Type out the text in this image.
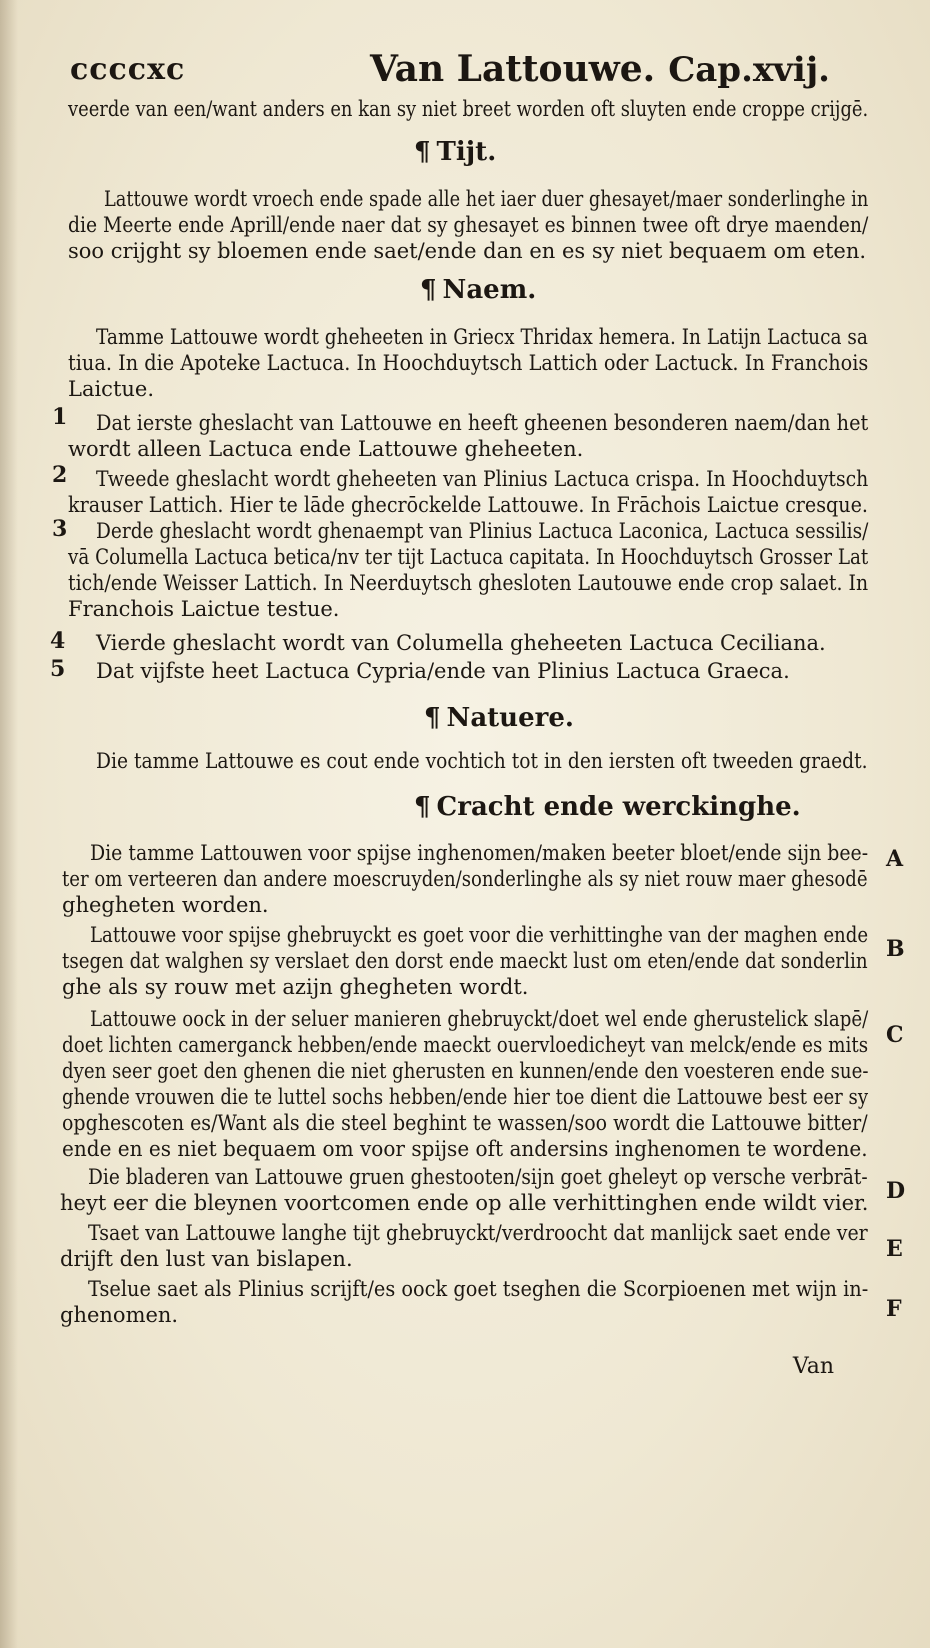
ccccxc	Van Lattouwe. Cap.xvij.
veerde van een/want anders en kan sy niet breet worden oft sluyten ende croppe crijgē.
¶ Tijt.
Lattouwe wordt vroech ende spade alle het iaer duer ghesayet/maer sonderlinghe in
die Meerte ende Aprill/ende naer dat sy ghesayet es binnen twee oft drye maenden/
soo crijght sy bloemen ende saet/ende dan en es sy niet bequaem om eten.
¶ Naem.
Tamme Lattouwe wordt gheheeten in Griecx Thridax hemera. In Latijn Lactuca sa
tiua. In die Apoteke Lactuca. In Hoochduytsch Lattich oder Lactuck. In Franchois
Laictue.
1 Dat ierste gheslacht van Lattouwe en heeft gheenen besonderen naem/dan het
wordt alleen Lactuca ende Lattouwe gheheeten.
2 Tweede gheslacht wordt gheheeten van Plinius Lactuca crispa. In Hoochduytsch
krauser Lattich. Hier te lāde ghecrōckelde Lattouwe. In Frāchois Laictue cresque.
3 Derde gheslacht wordt ghenaempt van Plinius Lactuca Laconica, Lactuca sessilis/
vā Columella Lactuca betica/nv ter tijt Lactuca capitata. In Hoochduytsch Grosser Lat
tich/ende Weisser Lattich. In Neerduytsch ghesloten Lautouwe ende crop salaet. In
Franchois Laictue testue.
4 Vierde gheslacht wordt van Columella gheheeten Lactuca Ceciliana.
5 Dat vijfste heet Lactuca Cypria/ende van Plinius Lactuca Graeca.
¶ Natuere.
Die tamme Lattouwe es cout ende vochtich tot in den iersten oft tweeden graedt.
¶ Cracht ende werckinghe.
Die tamme Lattouwen voor spijse inghenomen/maken beeter bloet/ende sijn bee- A
ter om verteeren dan andere moescruyden/sonderlinghe als sy niet rouw maer ghesodē
ghegheten worden.
Lattouwe voor spijse ghebruyckt es goet voor die verhittinghe van der maghen ende
B
tsegen dat walghen sy verslaet den dorst ende maeckt lust om eten/ende dat sonderlin
ghe als sy rouw met azijn ghegheten wordt.
Lattouwe oock in der seluer manieren ghebruyckt/doet wel ende gherustelick slapē/
C
doet lichten camerganck hebben/ende maeckt ouervloedicheyt van melck/ende es mits
dyen seer goet den ghenen die niet gherusten en kunnen/ende den voesteren ende sue-
ghende vrouwen die te luttel sochs hebben/ende hier toe dient die Lattouwe best eer sy
opghescoten es/Want als die steel beghint te wassen/soo wordt die Lattouwe bitter/
ende en es niet bequaem om voor spijse oft andersins inghenomen te wordene.
Die bladeren van Lattouwe gruen ghestooten/sijn goet gheleyt op versche verbrāt-
D
heyt eer die bleynen voortcomen ende op alle verhittinghen ende wildt vier.
Tsaet van Lattouwe langhe tijt ghebruyckt/verdroocht dat manlijck saet ende ver
E
drijft den lust van bislapen.
Tselue saet als Plinius scrijft/es oock goet tseghen die Scorpioenen met wijn in-
F
ghenomen.
Van
